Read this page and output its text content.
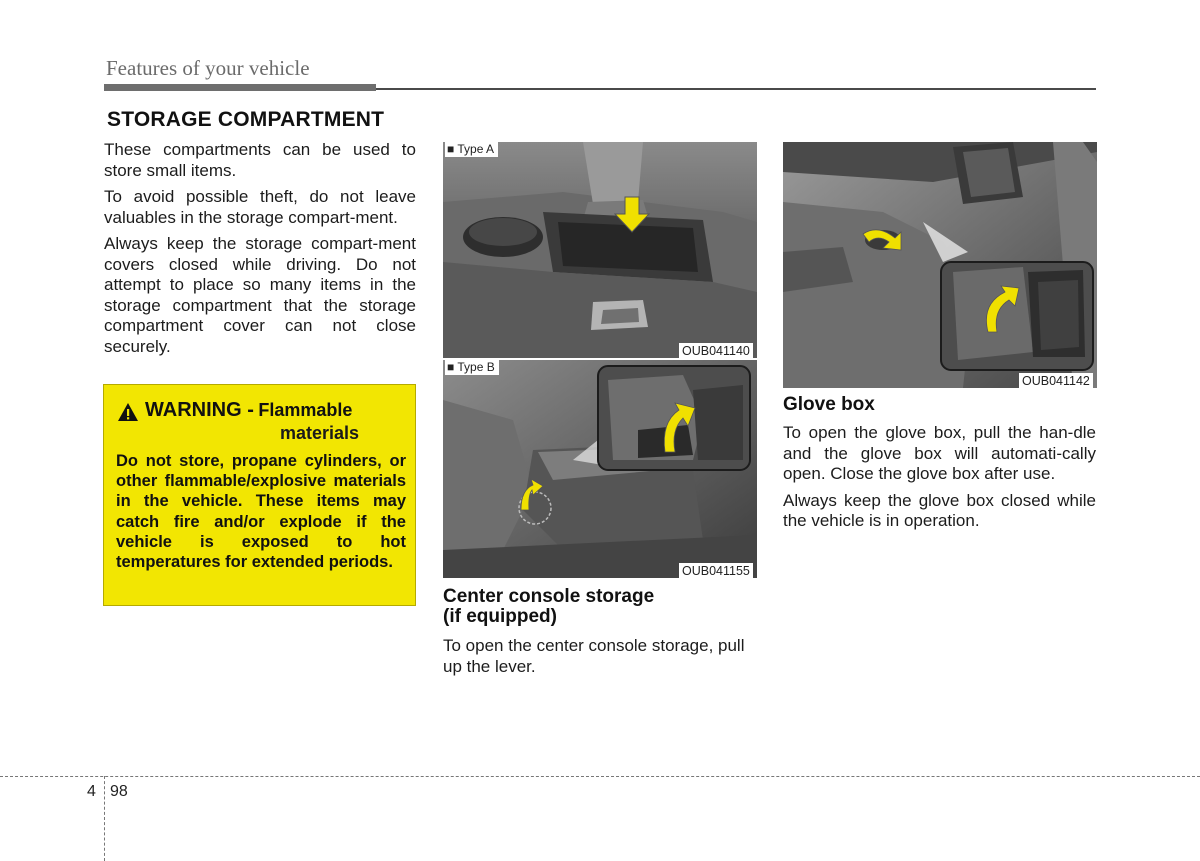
Features of your vehicle
STORAGE COMPARTMENT

These compartments can be used to store small items.

To avoid possible theft, do not leave valuables in the storage compart-ment.

Always keep the storage compart-ment covers closed while driving. Do not attempt to place so many items in the storage compartment that the storage compartment cover can not close securely.

WARNING - Flammable
materials
Do not store, propane cylinders, or other flammable/explosive materials in the vehicle. These items may catch fire and/or explode if the vehicle is exposed to hot temperatures for extended periods.
■ Type A
OUB041140
■ Type B
OUB041155
Center console storage
(if equipped)

To open the center console storage, pull up the lever.

OUB041142
Glove box

To open the glove box, pull the han-dle and the glove box will automati-cally open. Close the glove box after use.

Always keep the glove box closed while the vehicle is in operation.

4 98
